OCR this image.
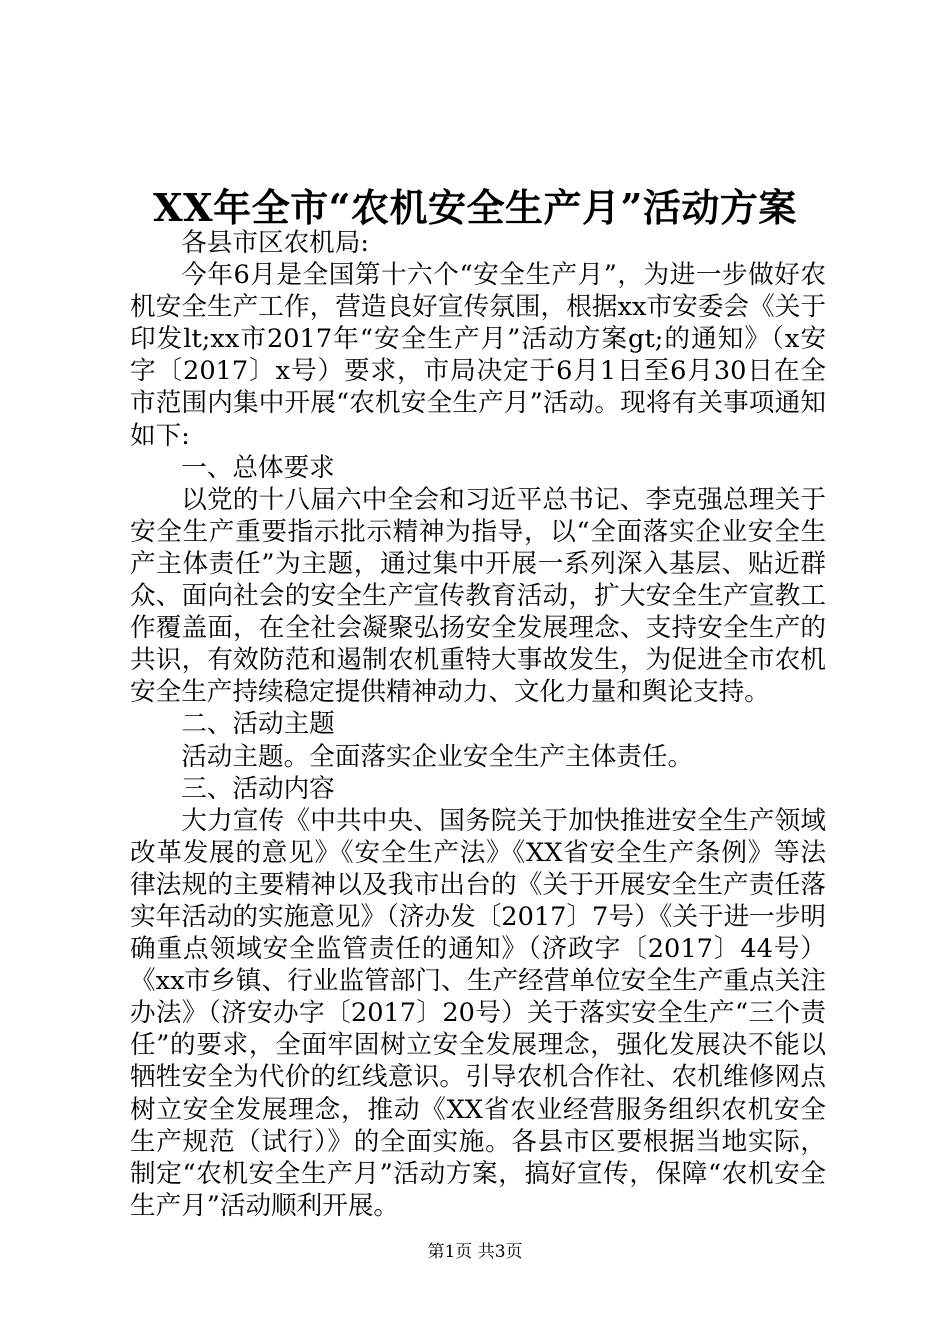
XX年全市“农机安全生产月”活动方案

各县市区农机局:

今年6月是全国第十六个“安全生产月”，为进一步做好农机安全生产工作，营造良好宣传氛围，根据xx市安委会《关于印发lt;xx市2017年“安全生产月”活动方案gt;的通知》（x安字〔2017〕x号）要求，市局决定于6月1日至6月30日在全市范围内集中开展“农机安全生产月”活动。现将有关事项通知如下:

一、总体要求

以党的十八届六中全会和习近平总书记、李克强总理关于安全生产重要指示批示精神为指导，以“全面落实企业安全生产主体责任”为主题，通过集中开展一系列深入基层、贴近群众、面向社会的安全生产宣传教育活动，扩大安全生产宣教工作覆盖面，在全社会凝聚弘扬安全发展理念、支持安全生产的共识，有效防范和遏制农机重特大事故发生，为促进全市农机安全生产持续稳定提供精神动力、文化力量和舆论支持。

二、活动主题

活动主题。全面落实企业安全生产主体责任。

三、活动内容

大力宣传《中共中央、国务院关于加快推进安全生产领域改革发展的意见》《安全生产法》《XX省安全生产条例》等法律法规的主要精神以及我市出台的《关于开展安全生产责任落实年活动的实施意见》（济办发〔2017〕7号）《关于进一步明确重点领域安全监管责任的通知》（济政字〔2017〕44号）《xx市乡镇、行业监管部门、生产经营单位安全生产重点关注办法》（济安办字〔2017〕20号）关于落实安全生产“三个责任”的要求，全面牢固树立安全发展理念，强化发展决不能以牺牲安全为代价的红线意识。引导农机合作社、农机维修网点树立安全发展理念，推动《XX省农业经营服务组织农机安全生产规范（试行）》的全面实施。各县市区要根据当地实际，制定“农机安全生产月”活动方案，搞好宣传，保障“农机安全生产月”活动顺利开展。

第1页 共3页
